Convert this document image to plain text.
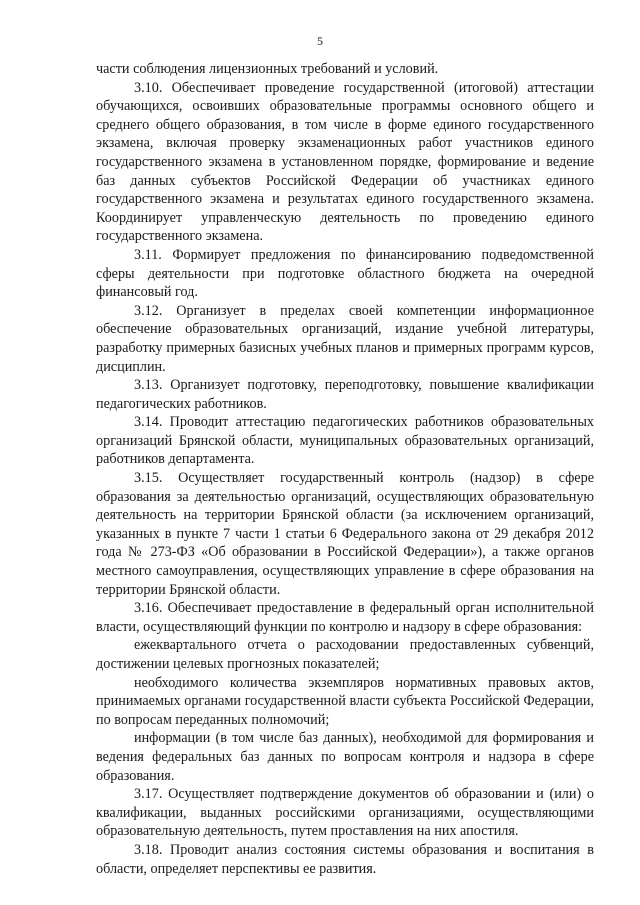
5

части соблюдения лицензионных требований и условий.

3.10. Обеспечивает проведение государственной (итоговой) аттестации обучающихся, освоивших образовательные программы основного общего и среднего общего образования, в том числе в форме единого государственного экзамена, включая проверку экзаменационных работ участников единого государственного экзамена в установленном порядке, формирование и ведение баз данных субъектов Российской Федерации об участниках единого государственного экзамена и результатах единого государственного экзамена. Координирует управленческую деятельность по проведению единого государственного экзамена.

3.11. Формирует предложения по финансированию подведомственной сферы деятельности при подготовке областного бюджета на очередной финансовый год.

3.12. Организует в пределах своей компетенции информационное обеспечение образовательных организаций, издание учебной литературы, разработку примерных базисных учебных планов и примерных программ курсов, дисциплин.

3.13. Организует подготовку, переподготовку, повышение квалификации педагогических работников.

3.14. Проводит аттестацию педагогических работников образовательных организаций Брянской области, муниципальных образовательных организаций, работников департамента.

3.15. Осуществляет государственный контроль (надзор) в сфере образования за деятельностью организаций, осуществляющих образовательную деятельность на территории Брянской области (за исключением организаций, указанных в пункте 7 части 1 статьи 6 Федерального закона от 29 декабря 2012 года № 273-ФЗ «Об образовании в Российской Федерации»), а также органов местного самоуправления, осуществляющих управление в сфере образования на территории Брянской области.

3.16. Обеспечивает предоставление в федеральный орган исполнительной власти, осуществляющий функции по контролю и надзору в сфере образования:

ежеквартального отчета о расходовании предоставленных субвенций, достижении целевых прогнозных показателей;

необходимого количества экземпляров нормативных правовых актов, принимаемых органами государственной власти субъекта Российской Федерации, по вопросам переданных полномочий;

информации (в том числе баз данных), необходимой для формирования и ведения федеральных баз данных по вопросам контроля и надзора в сфере образования.

3.17. Осуществляет подтверждение документов об образовании и (или) о квалификации, выданных российскими организациями, осуществляющими образовательную деятельность, путем проставления на них апостиля.

3.18. Проводит анализ состояния системы образования и воспитания в области, определяет перспективы ее развития.
